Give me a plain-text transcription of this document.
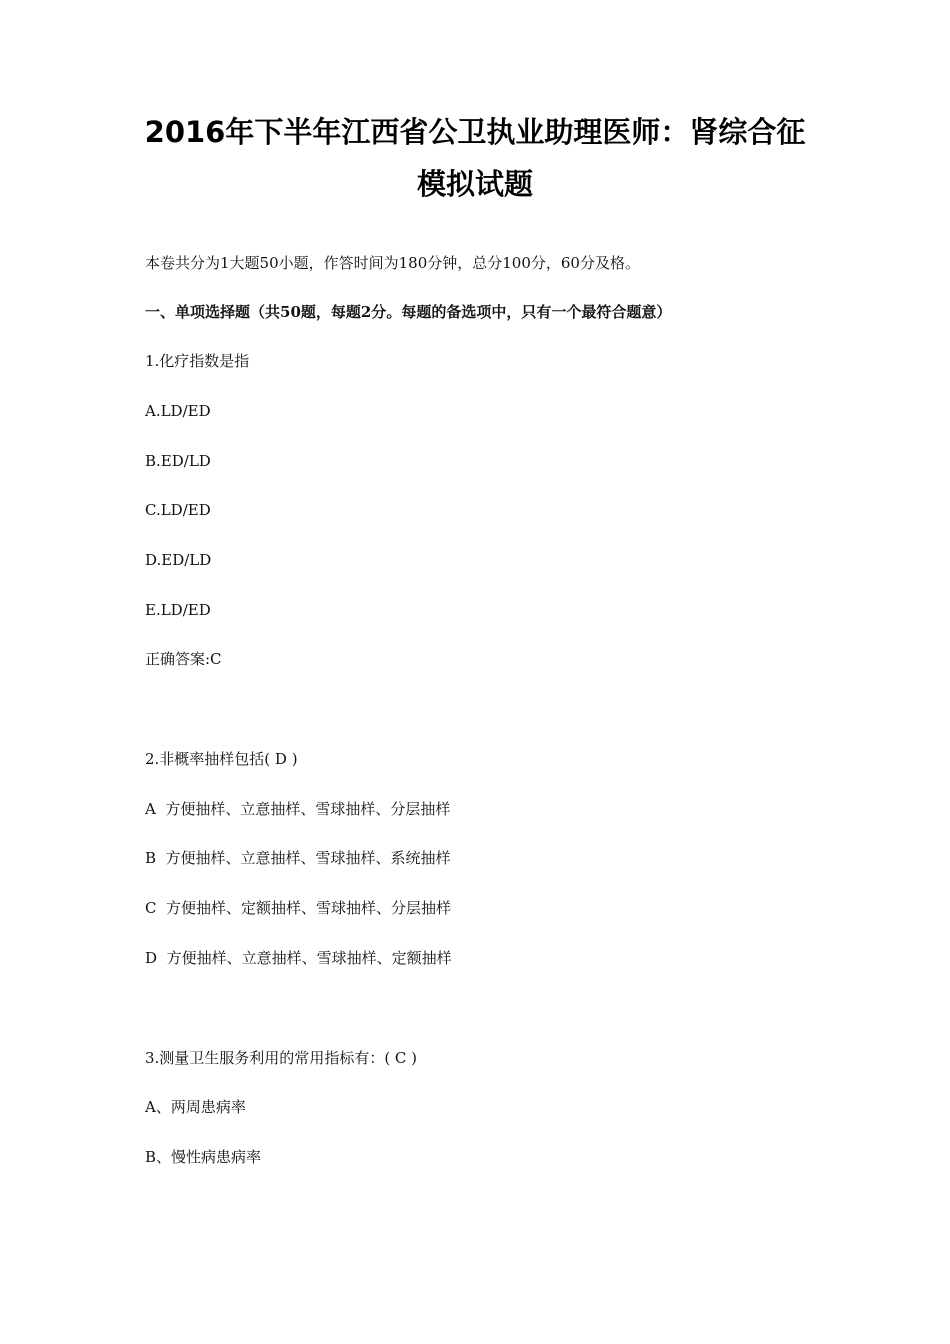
2016年下半年江西省公卫执业助理医师：肾综合征
模拟试题
本卷共分为1大题50小题，作答时间为180分钟，总分100分，60分及格。
一、单项选择题（共50题，每题2分。每题的备选项中，只有一个最符合题意）
1.化疗指数是指
A.LD/ED
B.ED/LD
C.LD/ED
D.ED/LD
E.LD/ED
正确答案:C
2.非概率抽样包括( D )
A  方便抽样、立意抽样、雪球抽样、分层抽样
B  方便抽样、立意抽样、雪球抽样、系统抽样
C  方便抽样、定额抽样、雪球抽样、分层抽样
D  方便抽样、立意抽样、雪球抽样、定额抽样
3.测量卫生服务利用的常用指标有：( C )
A、两周患病率
B、慢性病患病率
